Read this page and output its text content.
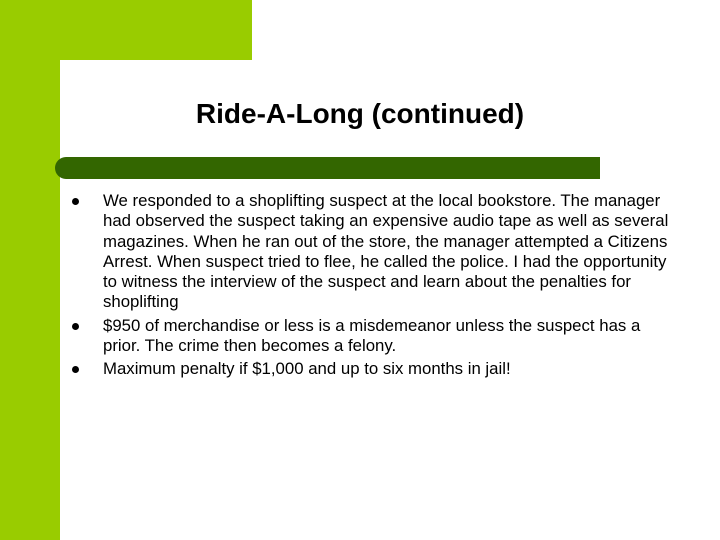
Ride-A-Long (continued)
We responded to a shoplifting suspect at the local bookstore. The manager had observed the suspect taking an expensive audio tape as well as several magazines. When he ran out of the store, the manager attempted a Citizens Arrest. When suspect tried to flee, he called the police. I had the opportunity to witness the interview of the suspect and learn about the penalties for shoplifting
$950 of merchandise or less is a misdemeanor unless the suspect has a prior. The crime then becomes a felony.
Maximum penalty if $1,000 and up to six months in jail!
